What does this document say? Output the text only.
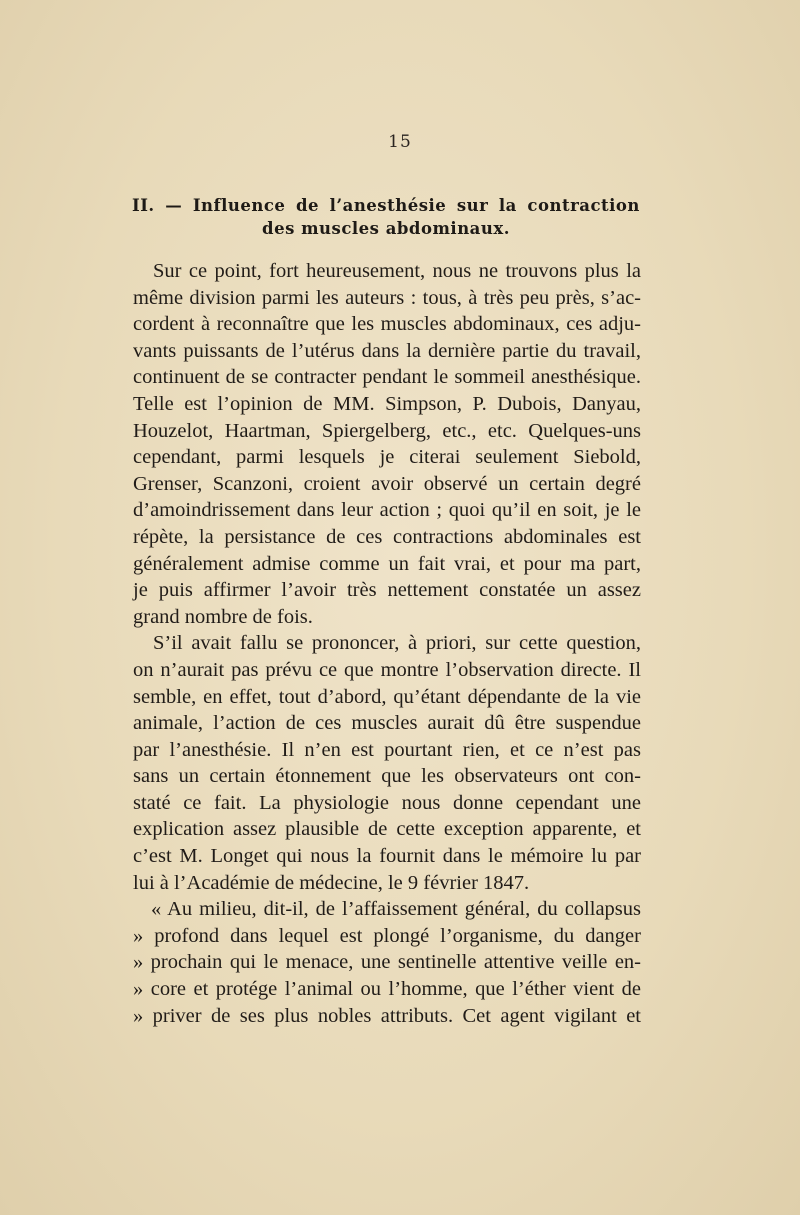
15
II. — Influence de l’anesthésie sur la contraction
des muscles abdominaux.
Sur ce point, fort heureusement, nous ne trouvons plus la
même division parmi les auteurs : tous, à très peu près, s’ac-
cordent à reconnaître que les muscles abdominaux, ces adju-
vants puissants de l’utérus dans la dernière partie du travail,
continuent de se contracter pendant le sommeil anesthésique.
Telle est l’opinion de MM. Simpson, P. Dubois, Danyau,
Houzelot, Haartman, Spiergelberg, etc., etc. Quelques-uns
cependant, parmi lesquels je citerai seulement Siebold,
Grenser, Scanzoni, croient avoir observé un certain degré
d’amoindrissement dans leur action ; quoi qu’il en soit, je le
répète, la persistance de ces contractions abdominales est
généralement admise comme un fait vrai, et pour ma part,
je puis affirmer l’avoir très nettement constatée un assez
grand nombre de fois.
S’il avait fallu se prononcer, à priori, sur cette question,
on n’aurait pas prévu ce que montre l’observation directe. Il
semble, en effet, tout d’abord, qu’étant dépendante de la vie
animale, l’action de ces muscles aurait dû être suspendue
par l’anesthésie. Il n’en est pourtant rien, et ce n’est pas
sans un certain étonnement que les observateurs ont con-
staté ce fait. La physiologie nous donne cependant une
explication assez plausible de cette exception apparente, et
c’est M. Longet qui nous la fournit dans le mémoire lu par
lui à l’Académie de médecine, le 9 février 1847.
« Au milieu, dit-il, de l’affaissement général, du collapsus
» profond dans lequel est plongé l’organisme, du danger
» prochain qui le menace, une sentinelle attentive veille en-
» core et protége l’animal ou l’homme, que l’éther vient de
» priver de ses plus nobles attributs. Cet agent vigilant et
